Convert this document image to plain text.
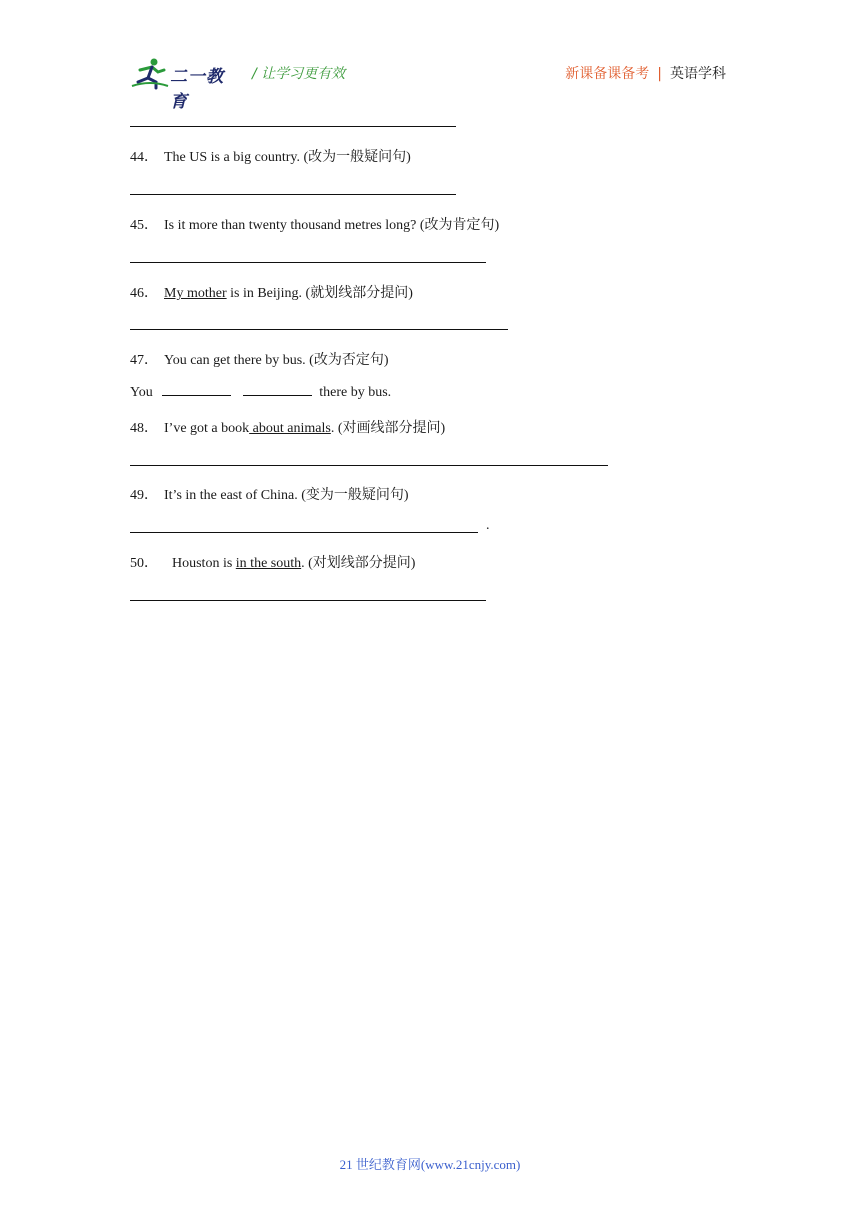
二一教育
/ 让学习更有效	新课备课备考 | 英语学科
44． The US is a big country. (改为一般疑问句)
45． Is it more than twenty thousand metres long? (改为肯定句)
46． My mother is in Beijing. (就划线部分提问)
47． You can get there by bus. (改为否定句)
You	there by bus.
48． I’ve got a book about animals. (对画线部分提问)
49． It’s in the east of China. (变为一般疑问句)
.
50． Houston is in the south. (对划线部分提问)
21 世纪教育网(www.21cnjy.com)
